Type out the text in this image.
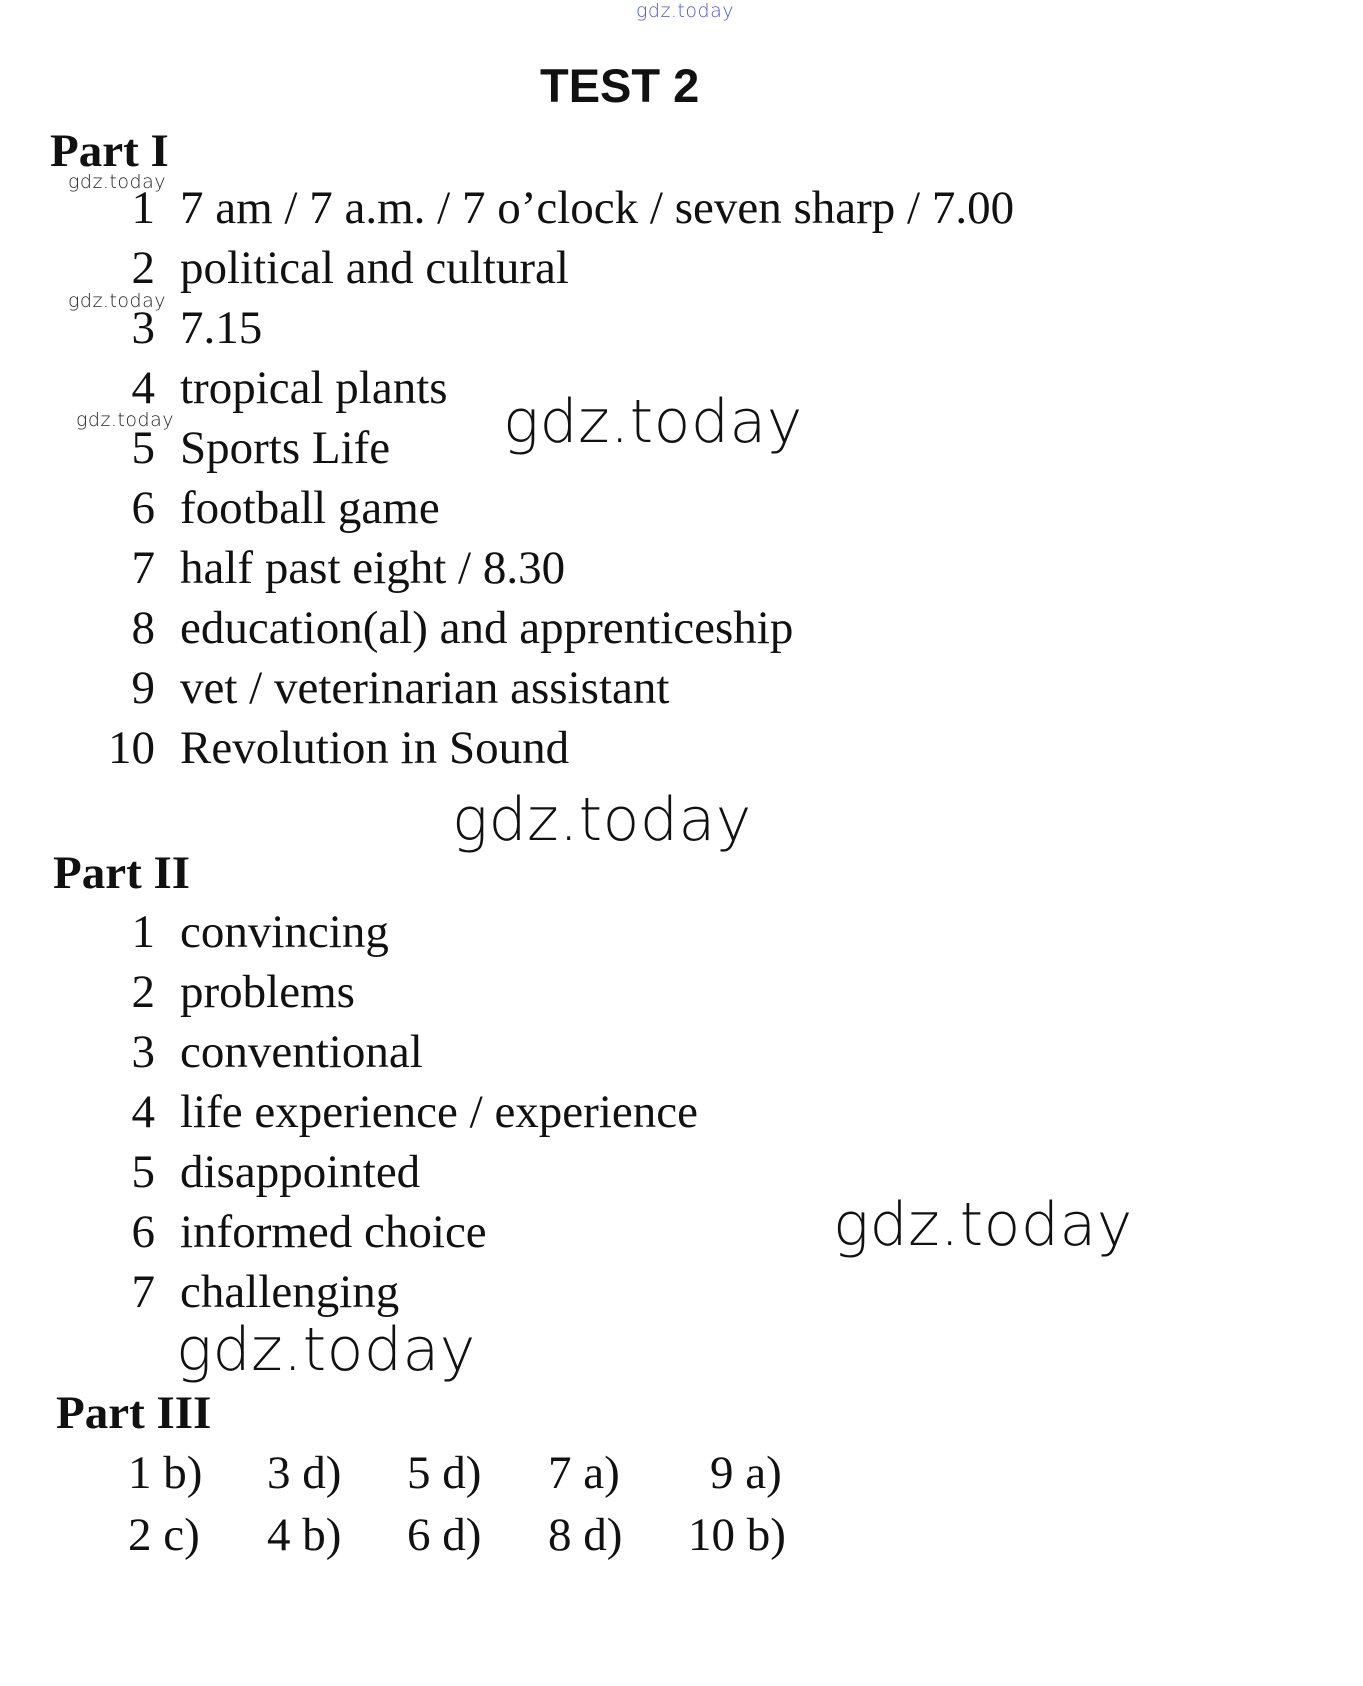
gdz.today
gdz.today
gdz.today
gdz.today	gdz.today
gdz.today
gdz.today
gdz.today
TEST 2
Part I
1 7 am / 7 a.m. / 7 o’clock / seven sharp / 7.00
2 political and cultural
3 7.15
4 tropical plants
5 Sports Life
6 football game
7 half past eight / 8.30
8 education(al) and apprenticeship
9 vet / veterinarian assistant
10 Revolution in Sound
Part II
1 convincing
2 problems
3 conventional
4 life experience / experience
5 disappointed
6 informed choice
7 challenging
Part III
1 b) 3 d) 5 d) 7 a) 9 a)
2 c) 4 b) 6 d) 8 d) 10 b)
